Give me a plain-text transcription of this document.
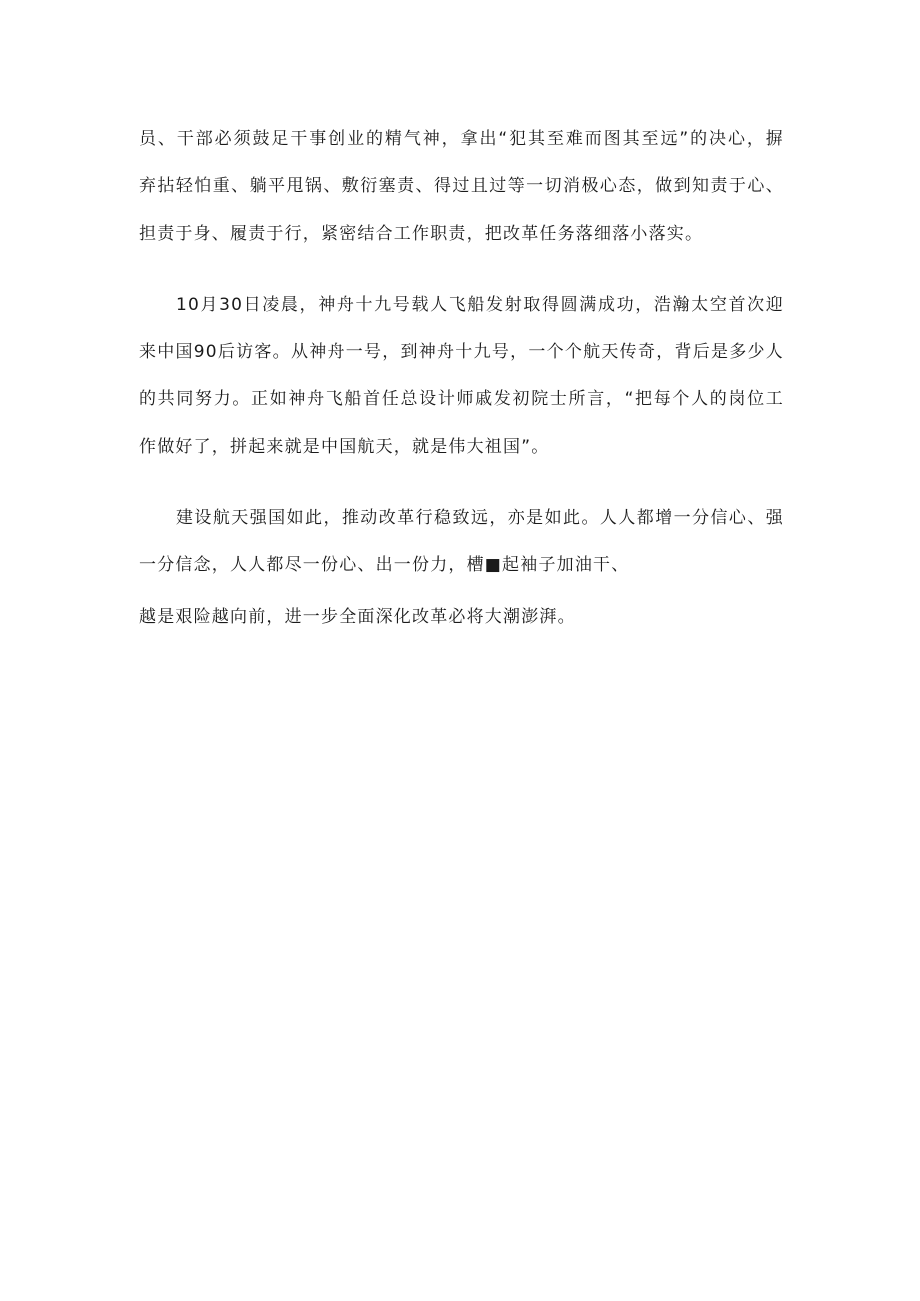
员、干部必须鼓足干事创业的精气神，拿出“犯其至难而图其至远”的决心，摒
弃拈轻怕重、躺平甩锅、敷衍塞责、得过且过等一切消极心态，做到知责于心、
担责于身、履责于行，紧密结合工作职责，把改革任务落细落小落实。
10月30日凌晨，神舟十九号载人飞船发射取得圆满成功，浩瀚太空首次迎
来中国90后访客。从神舟一号，到神舟十九号，一个个航天传奇，背后是多少人
的共同努力。正如神舟飞船首任总设计师戚发初院士所言，“把每个人的岗位工
作做好了，拼起来就是中国航天，就是伟大祖国”。
建设航天强国如此，推动改革行稳致远，亦是如此。人人都增一分信心、强
一分信念，人人都尽一份心、出一份力，槽■起袖子加油干、
越是艰险越向前，进一步全面深化改革必将大潮澎湃。
